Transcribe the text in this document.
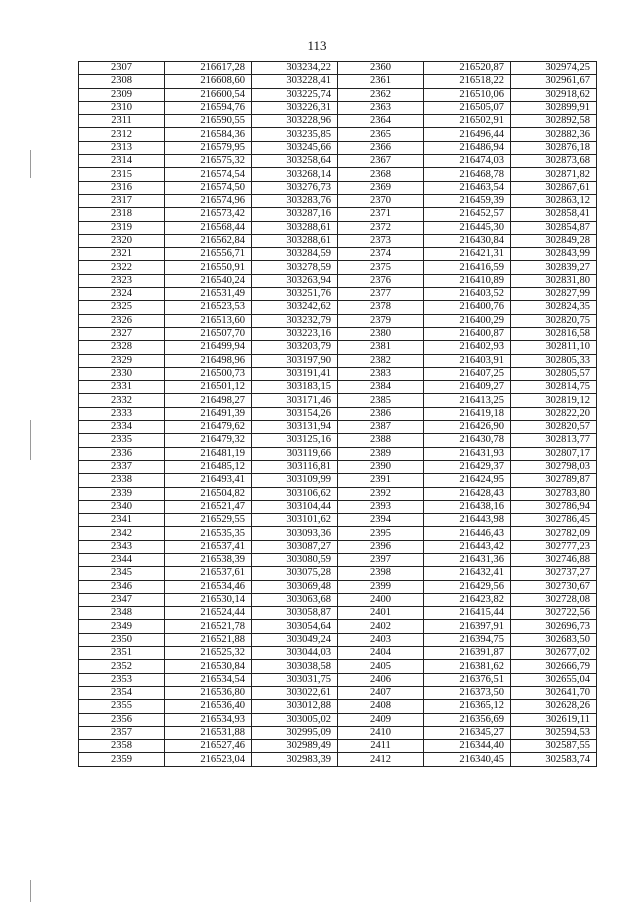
113
2307	216617,28	303234,22	2360	216520,87	302974,25
2308	216608,60	303228,41	2361	216518,22	302961,67
2309	216600,54	303225,74	2362	216510,06	302918,62
2310	216594,76	303226,31	2363	216505,07	302899,91
2311	216590,55	303228,96	2364	216502,91	302892,58
2312	216584,36	303235,85	2365	216496,44	302882,36
2313	216579,95	303245,66	2366	216486,94	302876,18
2314	216575,32	303258,64	2367	216474,03	302873,68
2315	216574,54	303268,14	2368	216468,78	302871,82
2316	216574,50	303276,73	2369	216463,54	302867,61
2317	216574,96	303283,76	2370	216459,39	302863,12
2318	216573,42	303287,16	2371	216452,57	302858,41
2319	216568,44	303288,61	2372	216445,30	302854,87
2320	216562,84	303288,61	2373	216430,84	302849,28
2321	216556,71	303284,59	2374	216421,31	302843,99
2322	216550,91	303278,59	2375	216416,59	302839,27
2323	216540,24	303263,94	2376	216410,89	302831,80
2324	216531,49	303251,76	2377	216403,52	302827,99
2325	216523,53	303242,62	2378	216400,76	302824,35
2326	216513,60	303232,79	2379	216400,29	302820,75
2327	216507,70	303223,16	2380	216400,87	302816,58
2328	216499,94	303203,79	2381	216402,93	302811,10
2329	216498,96	303197,90	2382	216403,91	302805,33
2330	216500,73	303191,41	2383	216407,25	302805,57
2331	216501,12	303183,15	2384	216409,27	302814,75
2332	216498,27	303171,46	2385	216413,25	302819,12
2333	216491,39	303154,26	2386	216419,18	302822,20
2334	216479,62	303131,94	2387	216426,90	302820,57
2335	216479,32	303125,16	2388	216430,78	302813,77
2336	216481,19	303119,66	2389	216431,93	302807,17
2337	216485,12	303116,81	2390	216429,37	302798,03
2338	216493,41	303109,99	2391	216424,95	302789,87
2339	216504,82	303106,62	2392	216428,43	302783,80
2340	216521,47	303104,44	2393	216438,16	302786,94
2341	216529,55	303101,62	2394	216443,98	302786,45
2342	216535,35	303093,36	2395	216446,43	302782,09
2343	216537,41	303087,27	2396	216443,42	302777,23
2344	216538,39	303080,59	2397	216431,36	302746,88
2345	216537,61	303075,28	2398	216432,41	302737,27
2346	216534,46	303069,48	2399	216429,56	302730,67
2347	216530,14	303063,68	2400	216423,82	302728,08
2348	216524,44	303058,87	2401	216415,44	302722,56
2349	216521,78	303054,64	2402	216397,91	302696,73
2350	216521,88	303049,24	2403	216394,75	302683,50
2351	216525,32	303044,03	2404	216391,87	302677,02
2352	216530,84	303038,58	2405	216381,62	302666,79
2353	216534,54	303031,75	2406	216376,51	302655,04
2354	216536,80	303022,61	2407	216373,50	302641,70
2355	216536,40	303012,88	2408	216365,12	302628,26
2356	216534,93	303005,02	2409	216356,69	302619,11
2357	216531,88	302995,09	2410	216345,27	302594,53
2358	216527,46	302989,49	2411	216344,40	302587,55
2359	216523,04	302983,39	2412	216340,45	302583,74
